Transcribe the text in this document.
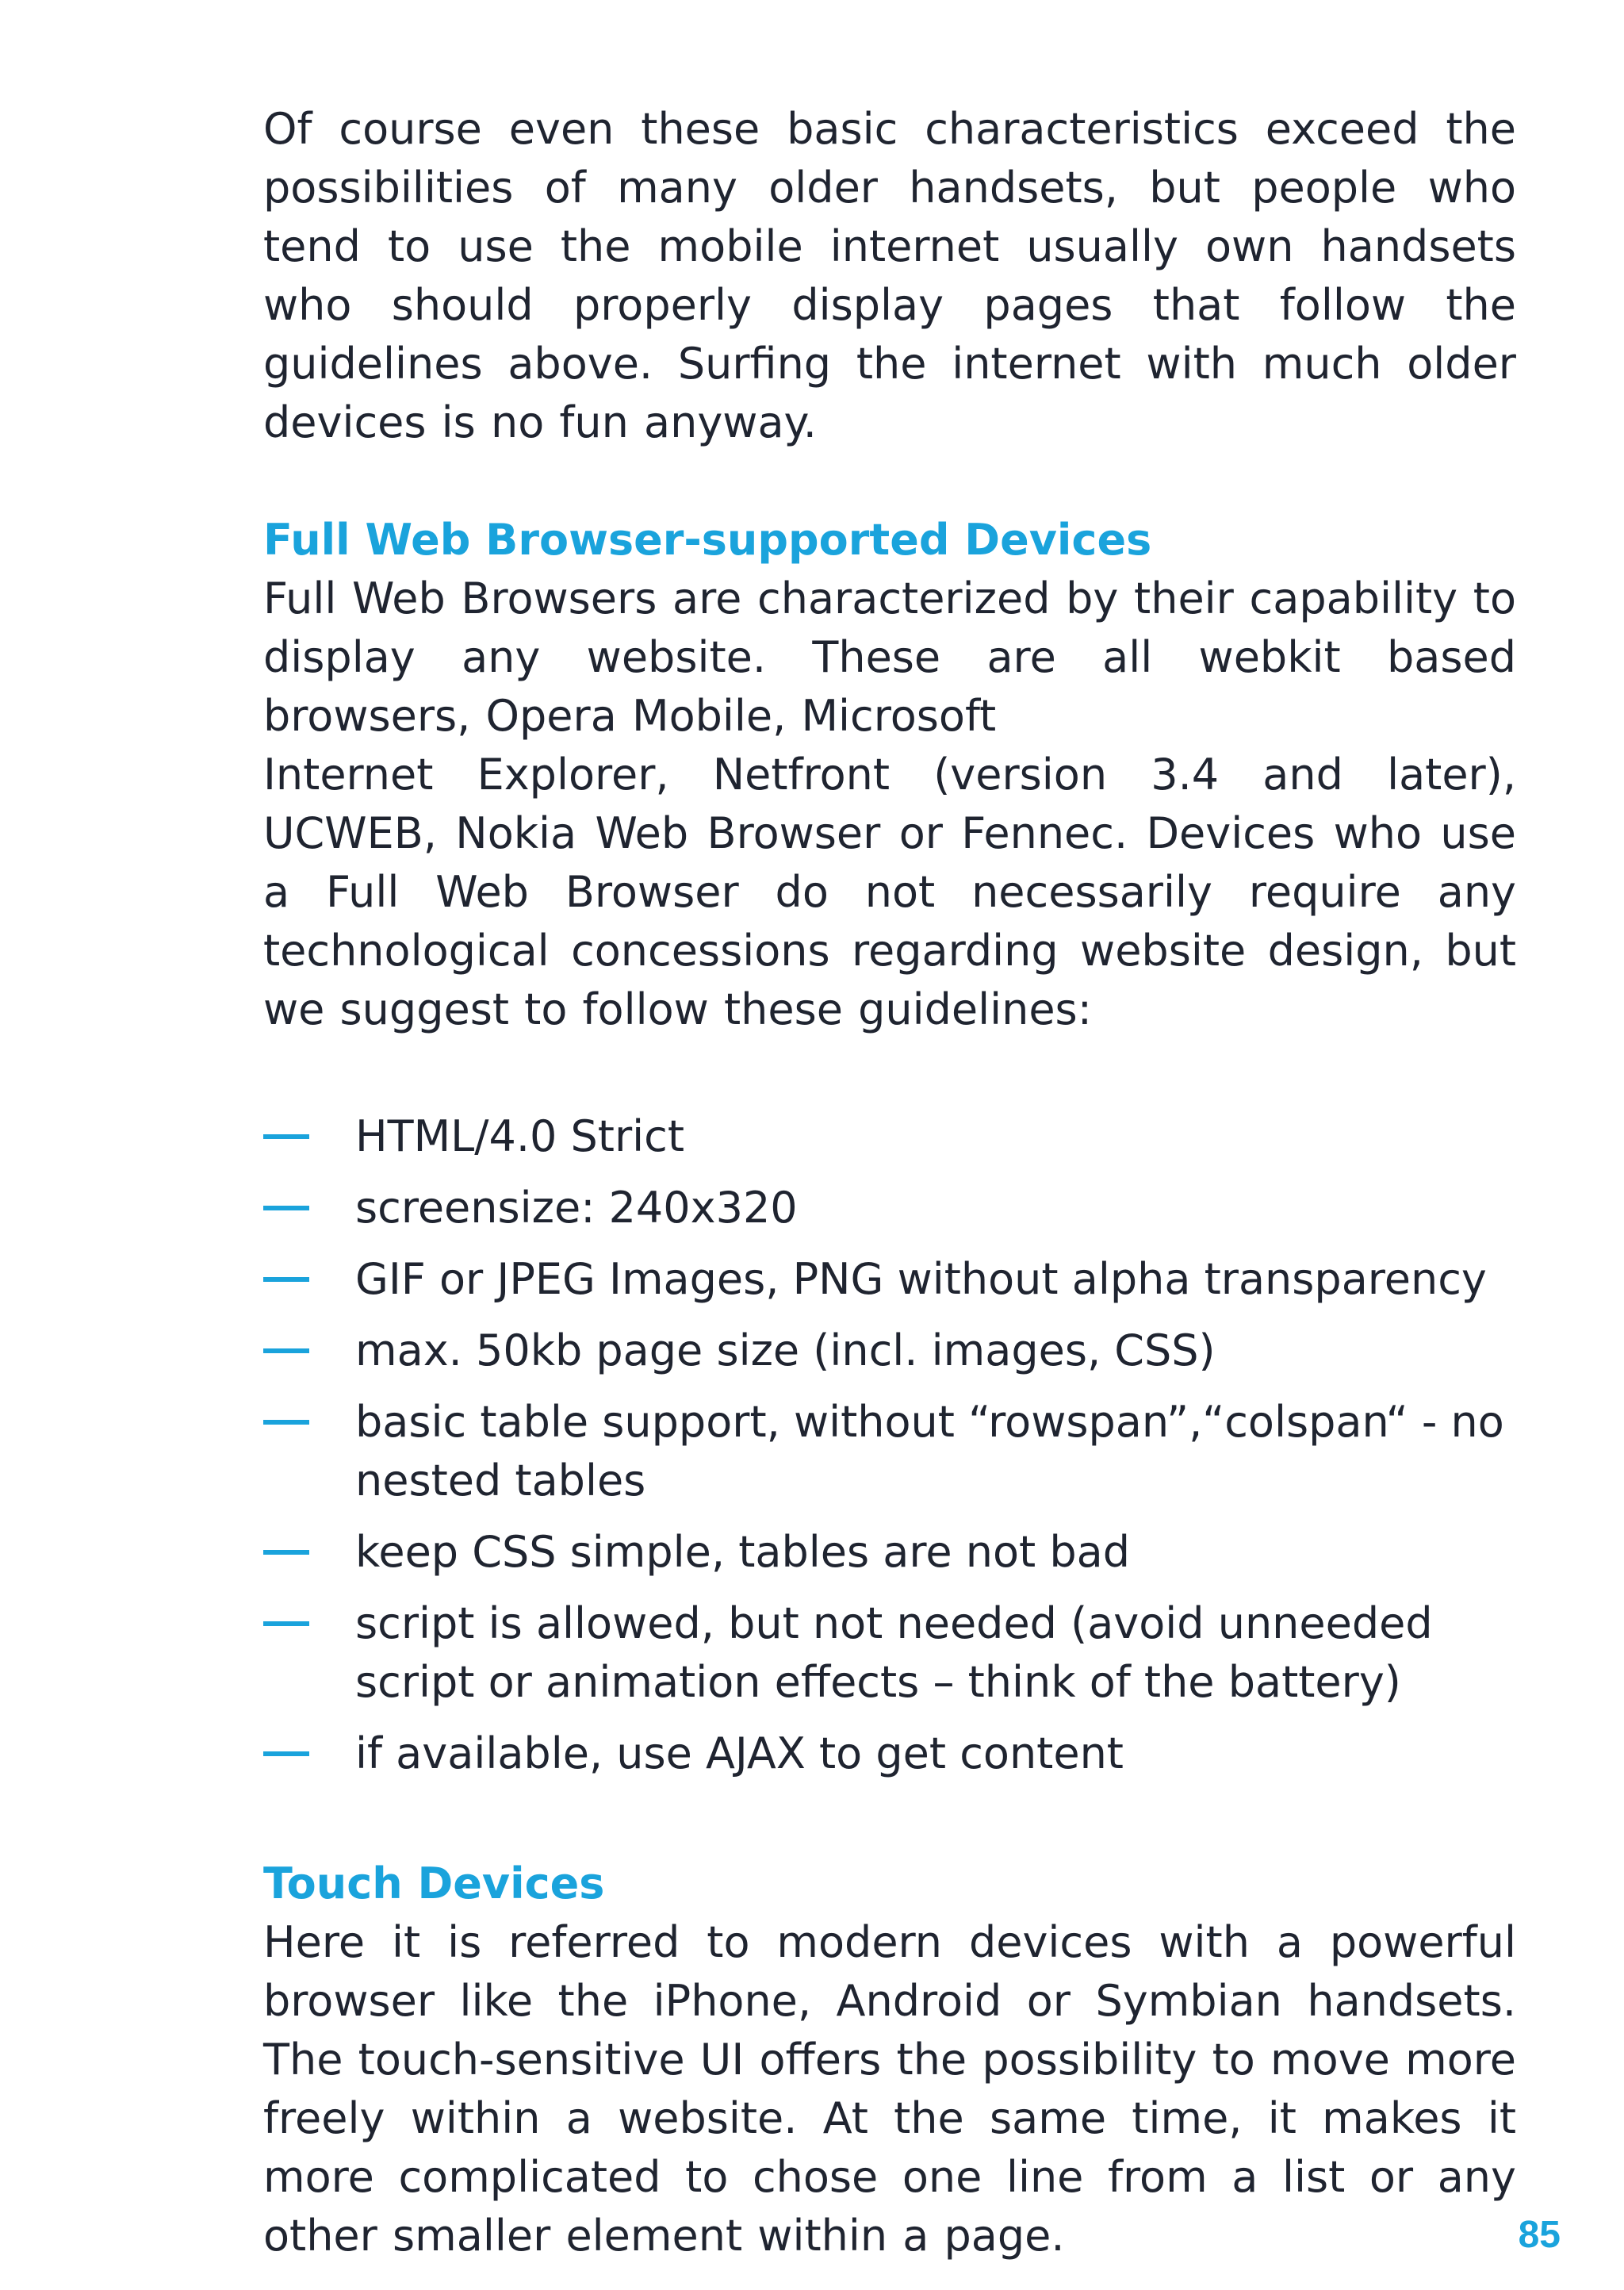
Of course even these basic characteristics exceed the possibilities of many older handsets, but people who tend to use the mobile internet usually own handsets who should properly display pages that follow the guidelines above. Surfing the internet with much older devices is no fun anyway.

Full Web Browser-supported Devices

Full Web Browsers are characterized by their capability to display any website. These are all webkit based browsers, Opera Mobile, Microsoft

Internet Explorer, Netfront (version 3.4 and later), UCWEB, Nokia Web Browser or Fennec. Devices who use a Full Web Browser do not necessarily require any technological concessions regarding website design, but we suggest to follow these guidelines:

HTML/4.0 Strict
screensize: 240x320
GIF or JPEG Images, PNG without alpha transparency
max. 50kb page size (incl. images, CSS)
basic table support, without “rowspan”,“colspan“ - no nested tables
keep CSS simple, tables are not bad
script is allowed, but not needed (avoid unneeded script or animation effects – think of the battery)
if available, use AJAX to get content
Touch Devices

Here it is referred to modern devices with a powerful browser like the iPhone, Android or Symbian handsets. The touch-sensitive UI offers the possibility to move more freely within a website. At the same time, it makes it more complicated to chose one line from a list or any other smaller element within a page.	85
